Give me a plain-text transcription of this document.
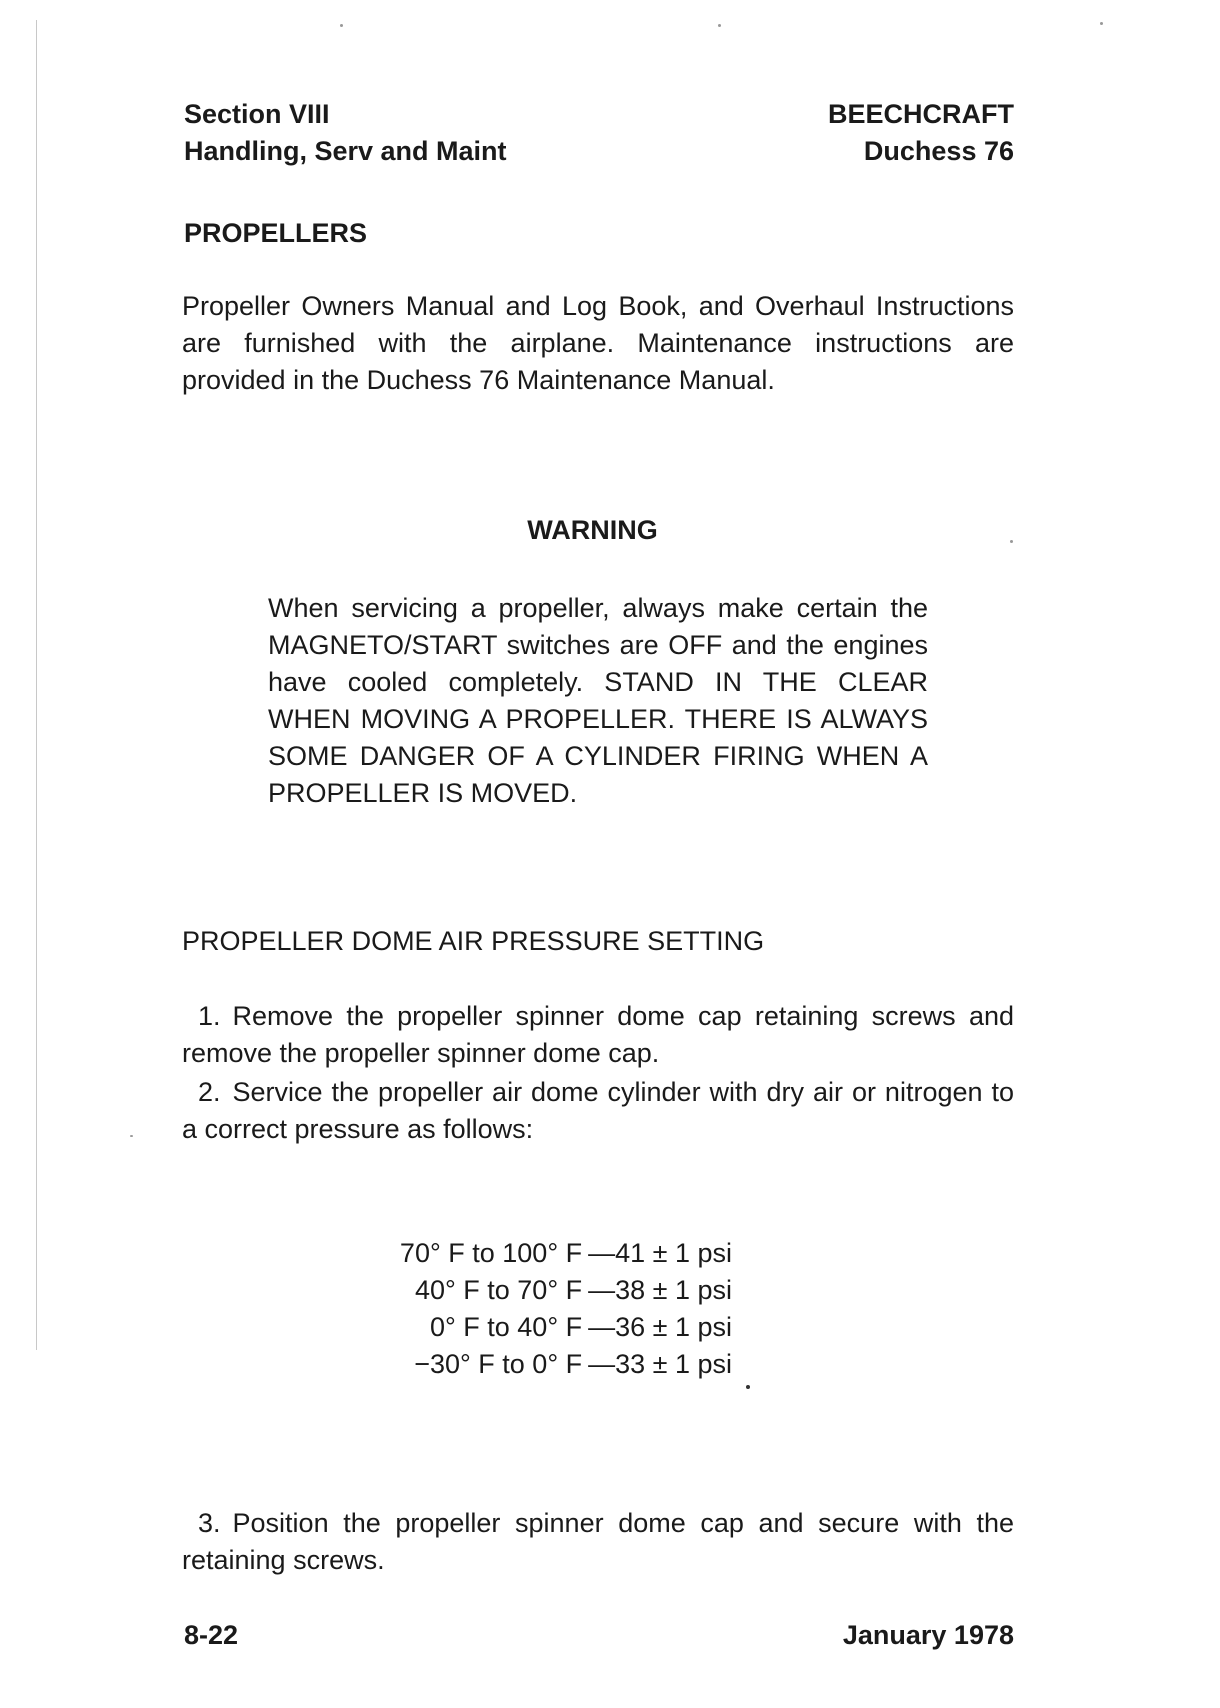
Section VIII
Handling, Serv and Maint
BEECHCRAFT
Duchess 76
PROPELLERS
Propeller Owners Manual and Log Book, and Overhaul Instructions are furnished with the airplane. Maintenance instructions are provided in the Duchess 76 Maintenance Manual.
WARNING
When servicing a propeller, always make certain the MAGNETO/START switches are OFF and the engines have cooled completely. STAND IN THE CLEAR WHEN MOVING A PROPELLER. THERE IS ALWAYS SOME DANGER OF A CYLINDER FIRING WHEN A PROPELLER IS MOVED.
PROPELLER DOME AIR PRESSURE SETTING
1. Remove the propeller spinner dome cap retaining screws and remove the propeller spinner dome cap.
2. Service the propeller air dome cylinder with dry air or nitrogen to a correct pressure as follows:
70° F to 100° F —41 ± 1 psi
40° F to 70° F —38 ± 1 psi
0° F to 40° F —36 ± 1 psi
−30° F to 0° F —33 ± 1 psi
3. Position the propeller spinner dome cap and secure with the retaining screws.
8-22	January 1978
